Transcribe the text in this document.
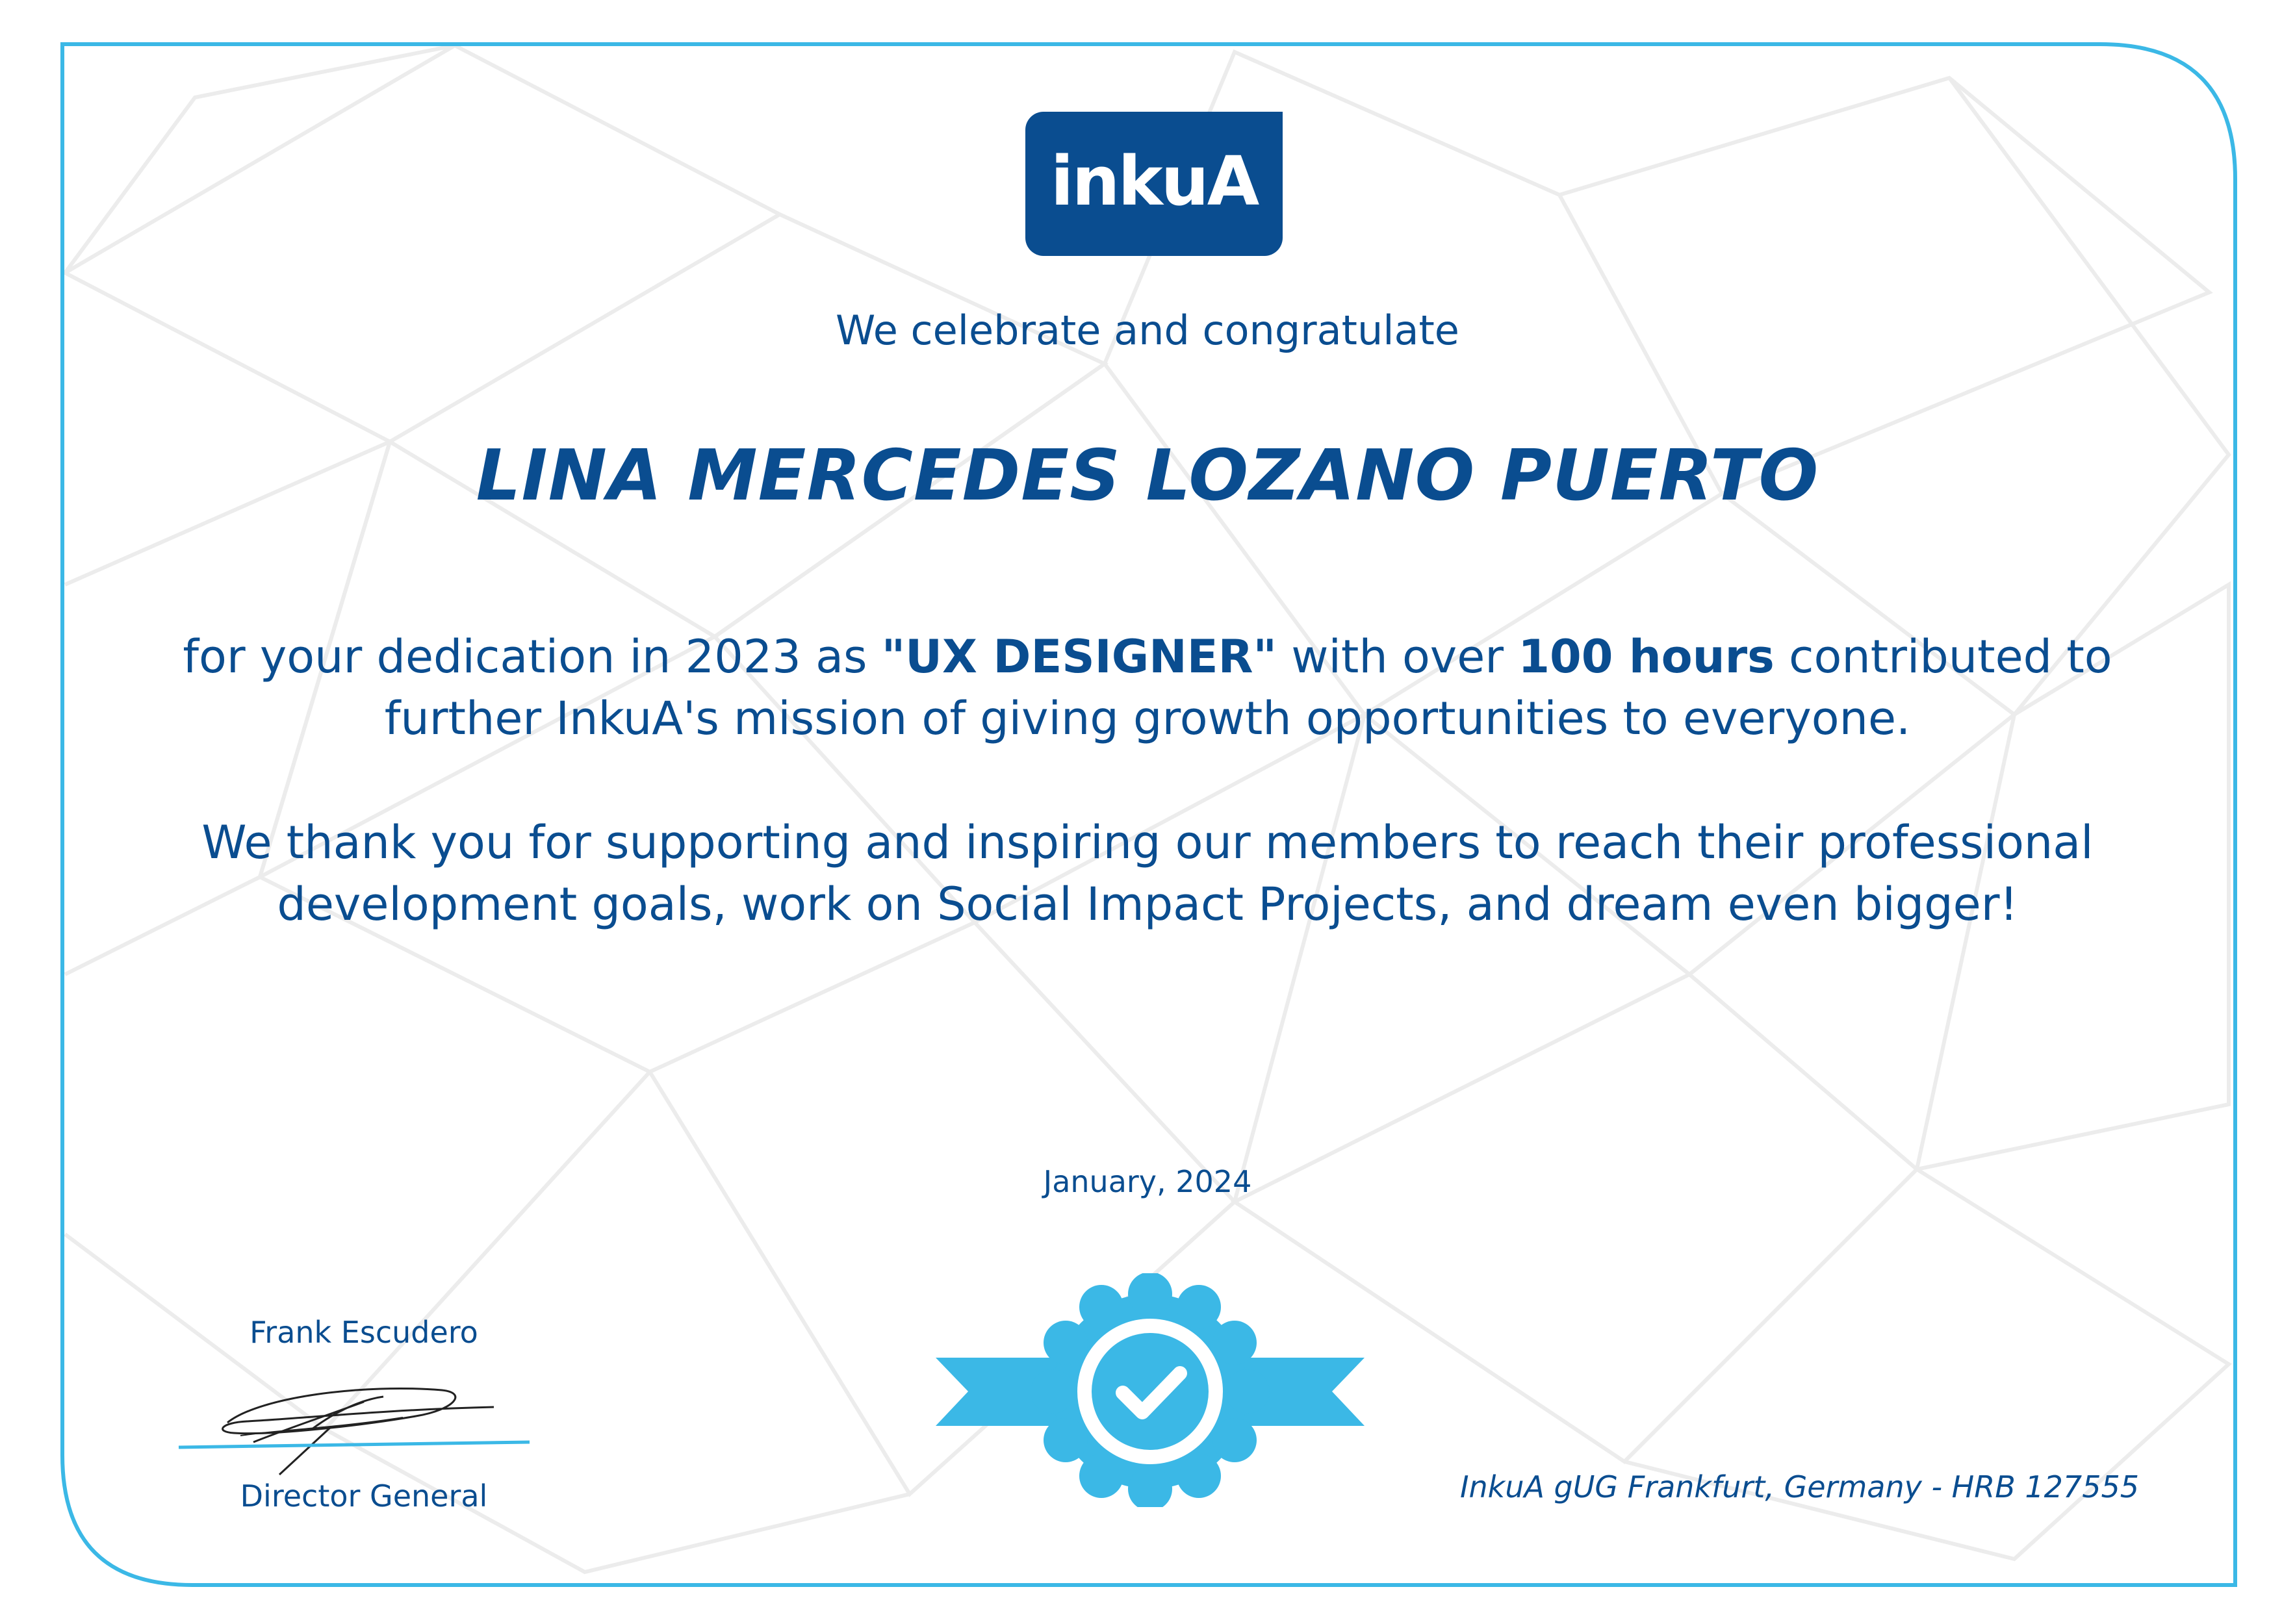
inkuA
We celebrate and congratulate
LINA MERCEDES LOZANO PUERTO
for your dedication in 2023 as "UX DESIGNER" with over 100 hours contributed to
further InkuA's mission of giving growth opportunities to everyone.
We thank you for supporting and inspiring our members to reach their professional
development goals, work on Social Impact Projects, and dream even bigger!
January, 2024
Frank Escudero
Director General	InkuA gUG Frankfurt, Germany - HRB 127555
